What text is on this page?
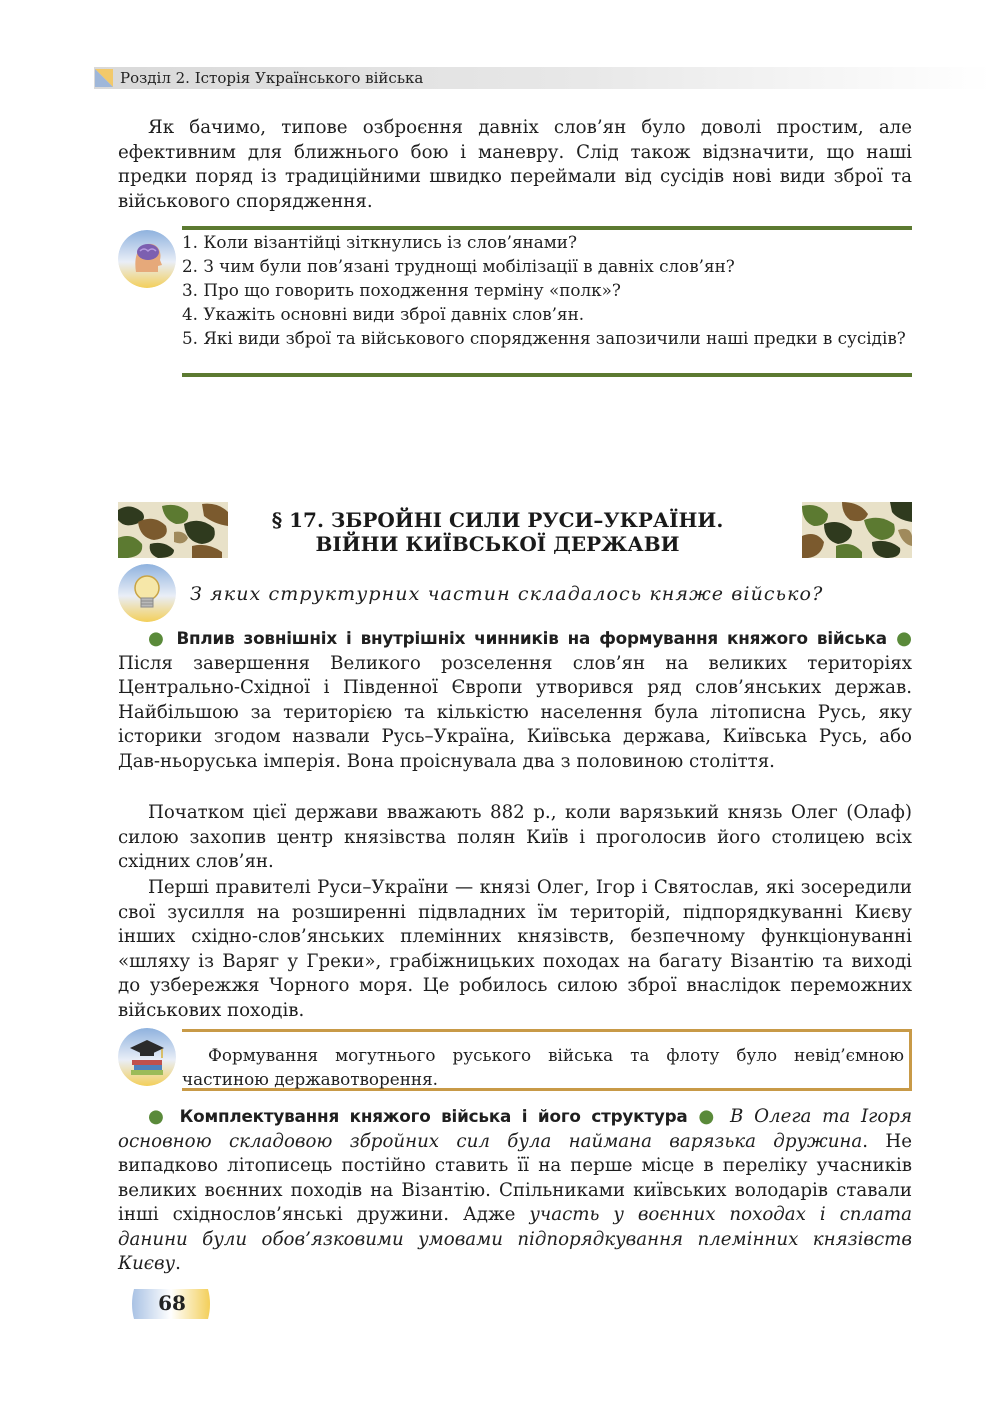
Розділ 2. Історія Українського війська

Як бачимо, типове озброєння давніх слов’ян було доволі простим, але ефективним для ближнього бою і маневру. Слід також відзначити, що наші предки поряд із традиційними швидко переймали від сусідів нові види зброї та військового спорядження.

1. Коли візантійці зіткнулись із слов’янами?
2. З чим були пов’язані труднощі мобілізації в давніх слов’ян?
3. Про що говорить походження терміну «полк»?
4. Укажіть основні види зброї давніх слов’ян.
5. Які види зброї та військового спорядження запозичили наші предки в сусідів?
§ 17. ЗБРОЙНІ СИЛИ РУСИ–УКРАЇНИ.
ВІЙНИ КИЇВСЬКОЇ ДЕРЖАВИ
З яких структурних частин складалось княже військо?

● Вплив зовнішніх і внутрішніх чинників на формування княжого війська ● Після завершення Великого розселення слов’ян на великих територіях Центрально-Східної і Південної Європи утворився ряд слов’янських держав. Найбільшою за територією та кількістю населення була літописна Русь, яку історики згодом назвали Русь–Україна, Київська держава, Київська Русь, або Дав-ньоруська імперія. Вона проіснувала два з половиною століття.

Початком цієї держави вважають 882 р., коли варязький князь Олег (Олаф) силою захопив центр князівства полян Київ і проголосив його столицею всіх східних слов’ян.

Перші правителі Руси–України — князі Олег, Ігор і Святослав, які зосередили свої зусилля на розширенні підвладних їм територій, підпорядкуванні Києву інших східно-слов’янських племінних князівств, безпечному функціонуванні «шляху із Варяг у Греки», грабіжницьких походах на багату Візантію та виході до узбережжя Чорного моря. Це робилось силою зброї внаслідок переможних військових походів.

Формування могутнього руського війська та флоту було невід’ємною частиною державотворення.

● Комплектування княжого війська і його структура ● В Олега та Ігоря основною складовою збройних сил була наймана варязька дружина. Не випадково літописець постійно ставить її на перше місце в переліку учасників великих воєнних походів на Візантію. Спільниками київських володарів ставали інші східнослов’янські дружини. Адже участь у воєнних походах і сплата данини були обов’язковими умовами підпорядкування племінних князівств Києву.

68
